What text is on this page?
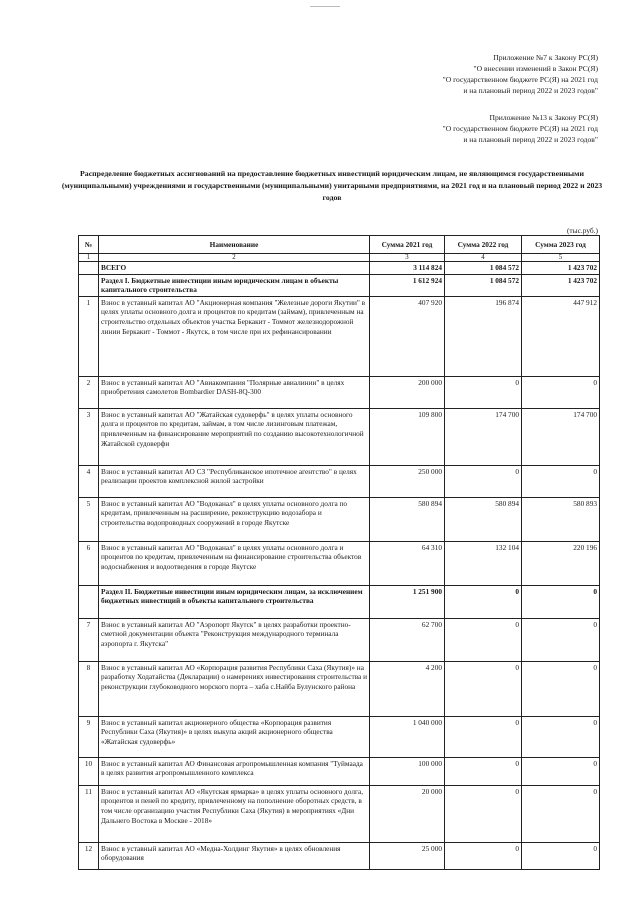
Приложение №7 к Закону РС(Я)
"О внесении изменений в Закон РС(Я)
"О государственном бюджете РС(Я) на 2021 год
и на плановый период 2022 и 2023 годов"
Приложение №13 к Закону РС(Я)
"О государственном бюджете РС(Я) на 2021 год
и на плановый период 2022 и 2023 годов"
Распределение бюджетных ассигнований на предоставление бюджетных инвестиций юридическим лицам, не являющимся государственными (муниципальными) учреждениями и государственными (муниципальными) унитарными предприятиями, на 2021 год и на плановый период 2022 и 2023 годов
(тыс.руб.)
№	Наименование	Сумма 2021 год	Сумма 2022 год	Сумма 2023 год
1	2	3	4	5
	ВСЕГО	3 114 824	1 084 572	1 423 702
	Раздел I. Бюджетные инвестиции иным юридическим лицам в объекты капитального строительства	1 612 924	1 084 572	1 423 702
1	Взнос в уставный капитал АО "Акционерная компания "Железные дороги Якутии" в целях уплаты основного долга и процентов по кредитам (займам), привлеченным на строительство отдельных объектов участка Беркакит - Томмот железнодорожной линии Беркакит - Томмот - Якутск, в том числе при их рефинансировании	407 920	196 874	447 912
2	Взнос в уставный капитал АО "Авиакомпания "Полярные авиалинии" в целях приобретения самолетов Bombardier DASH-8Q-300	200 000	0	0
3	Взнос в уставный капитал АО "Жатайская судоверфь" в целях уплаты основного долга и процентов по кредитам, займам, в том числе лизинговым платежам, привлеченным на финансирование мероприятий по созданию высокотехнологичной Жатайской судоверфи	109 800	174 700	174 700
4	Взнос в уставный капитал АО СЗ "Республиканское ипотечное агентство" в целях реализации проектов комплексной жилой застройки	250 000	0	0
5	Взнос в уставный капитал АО "Водоканал" в целях уплаты основного долга по кредитам, привлеченным на расширение, реконструкцию водозабора и строительства водопроводных сооружений в городе Якутске	580 894	580 894	580 893
6	Взнос в уставный капитал АО "Водоканал" в целях уплаты основного долга и процентов по кредитам, привлеченным на финансирование строительства объектов водоснабжения и водоотведения в городе Якутске	64 310	132 104	220 196
	Раздел II. Бюджетные инвестиции иным юридическим лицам, за исключением бюджетных инвестиций в объекты капитального строительства	1 251 900	0	0
7	Взнос в уставный капитал АО "Аэропорт Якутск" в целях разработки проектно-сметной документации объекта "Реконструкция международного терминала аэропорта г. Якутска"	62 700	0	0
8	Взнос в уставный капитал АО «Корпорация развития Республики Саха (Якутия)» на разработку Ходатайства (Декларации) о намерениях инвестирования строительства и реконструкции глубоководного морского порта – хаба с.Найба Булунского района	4 200	0	0
9	Взнос в уставный капитал акционерного общества «Корпорация развития Республики Саха (Якутия)» в целях выкупа акций акционерного общества «Жатайская судоверфь»	1 040 000	0	0
10	Взнос в уставный капитал АО Финансовая агропромышленная компания "Туймаада в целях развития агропромышленного комплекса	100 000	0	0
11	Взнос в уставный капитал АО «Якутская ярмарка» в целях уплаты основного долга, процентов и пеней по кредиту, привлеченному на пополнение оборотных средств, в том числе организацию участия Республики Саха (Якутия) в мероприятиях «Дни Дальнего Востока в Москве - 2018»	20 000	0	0
12	Взнос в уставный капитал АО «Медна-Холдинг Якутия» в целях обновления оборудования	25 000	0	0
